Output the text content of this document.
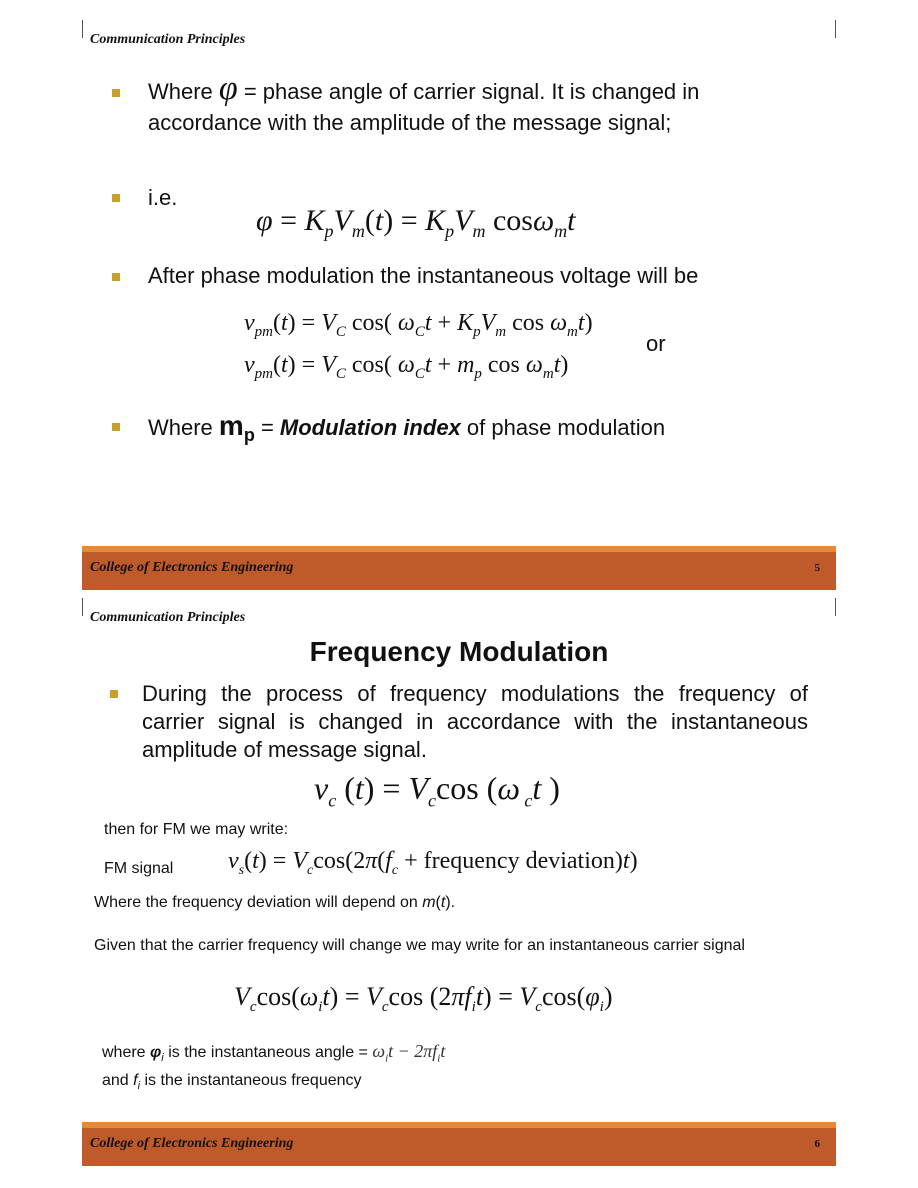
Communication Principles
Where φ = phase angle of carrier signal. It is changed in accordance with the amplitude of the message signal;
i.e.
$\varphi = K_pV_m(t) = K_pV_m$ cosω$_m$t
After phase modulation the instantaneous voltage will be
$v_{pm}(t) = V_C$ cos( $\omega_Ct + K_pV_m$ $\cos \omega_mt$)
or
$v_{pm}(t) = V_C$ cos( $\omega_Ct + m_p$ $\cos \omega_mt$)
Where $m_p$ = Modulation index of phase modulation
College of Electronics Engineering	5
Communication Principles
Frequency Modulation
During the process of frequency modulations the frequency of carrier signal is changed in accordance with the instantaneous amplitude of message signal.
$v_c$ $(t) = V_c\cos$ (ω $_c$t )
then for FM we may write:
FM signal $v_s(t) = V_c\cos(2\pi(f_c$ + frequency deviation)t)
Where the frequency deviation will depend on m(t).
Given that the carrier frequency will change we may write for an instantaneous carrier signal
$V_c\cos(\omega_it) = V_c\cos$ $(2\pi f_it) = V_c\cos(\varphi_i)$
where $\varphi_i$ is the instantaneous angle = $\omega_it - 2\pi f_it$
and $f_i$ is the instantaneous frequency
College of Electronics Engineering	6
